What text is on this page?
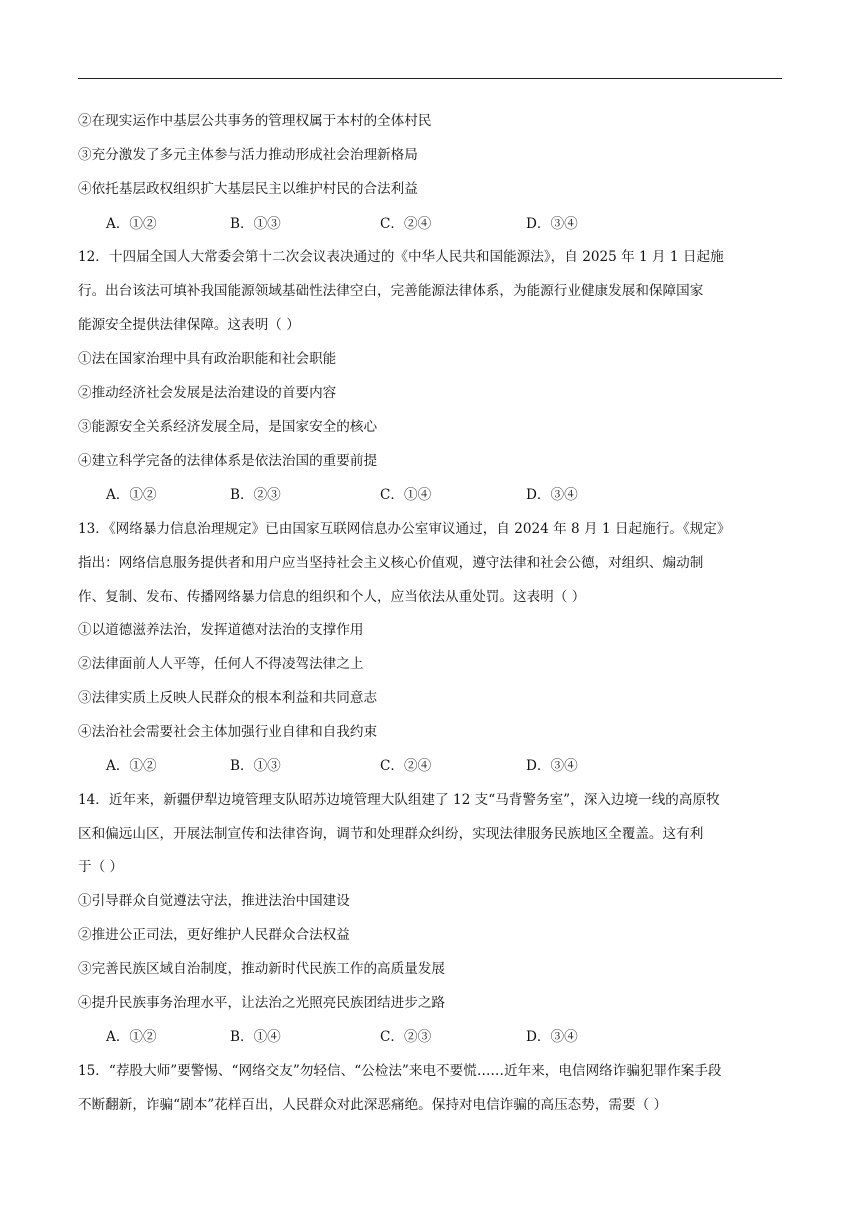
②在现实运作中基层公共事务的管理权属于本村的全体村民
③充分激发了多元主体参与活力推动形成社会治理新格局
④依托基层政权组织扩大基层民主以维护村民的合法利益
A．①②	B．①③	C．②④	D．③④
12．十四届全国人大常委会第十二次会议表决通过的《中华人民共和国能源法》，自 2025 年 1 月 1 日起施
行。出台该法可填补我国能源领域基础性法律空白，完善能源法律体系，为能源行业健康发展和保障国家
能源安全提供法律保障。这表明（ ）
①法在国家治理中具有政治职能和社会职能
②推动经济社会发展是法治建设的首要内容
③能源安全关系经济发展全局，是国家安全的核心
④建立科学完备的法律体系是依法治国的重要前提
A．①②	B．②③	C．①④	D．③④
13．《网络暴力信息治理规定》已由国家互联网信息办公室审议通过，自 2024 年 8 月 1 日起施行。《规定》
指出：网络信息服务提供者和用户应当坚持社会主义核心价值观，遵守法律和社会公德，对组织、煽动制
作、复制、发布、传播网络暴力信息的组织和个人，应当依法从重处罚。这表明（ ）
①以道德滋养法治，发挥道德对法治的支撑作用
②法律面前人人平等，任何人不得凌驾法律之上
③法律实质上反映人民群众的根本利益和共同意志
④法治社会需要社会主体加强行业自律和自我约束
A．①②	B．①③	C．②④	D．③④
14．近年来，新疆伊犁边境管理支队昭苏边境管理大队组建了 12 支“马背警务室”，深入边境一线的高原牧
区和偏远山区，开展法制宣传和法律咨询，调节和处理群众纠纷，实现法律服务民族地区全覆盖。这有利
于（ ）
①引导群众自觉遵法守法，推进法治中国建设
②推进公正司法，更好维护人民群众合法权益
③完善民族区域自治制度，推动新时代民族工作的高质量发展
④提升民族事务治理水平，让法治之光照亮民族团结进步之路
A．①②	B．①④	C．②③	D．③④
15．“荐股大师”要警惕、“网络交友”勿轻信、“公检法”来电不要慌……近年来，电信网络诈骗犯罪作案手段
不断翻新，诈骗“剧本”花样百出，人民群众对此深恶痛绝。保持对电信诈骗的高压态势，需要（ ）
